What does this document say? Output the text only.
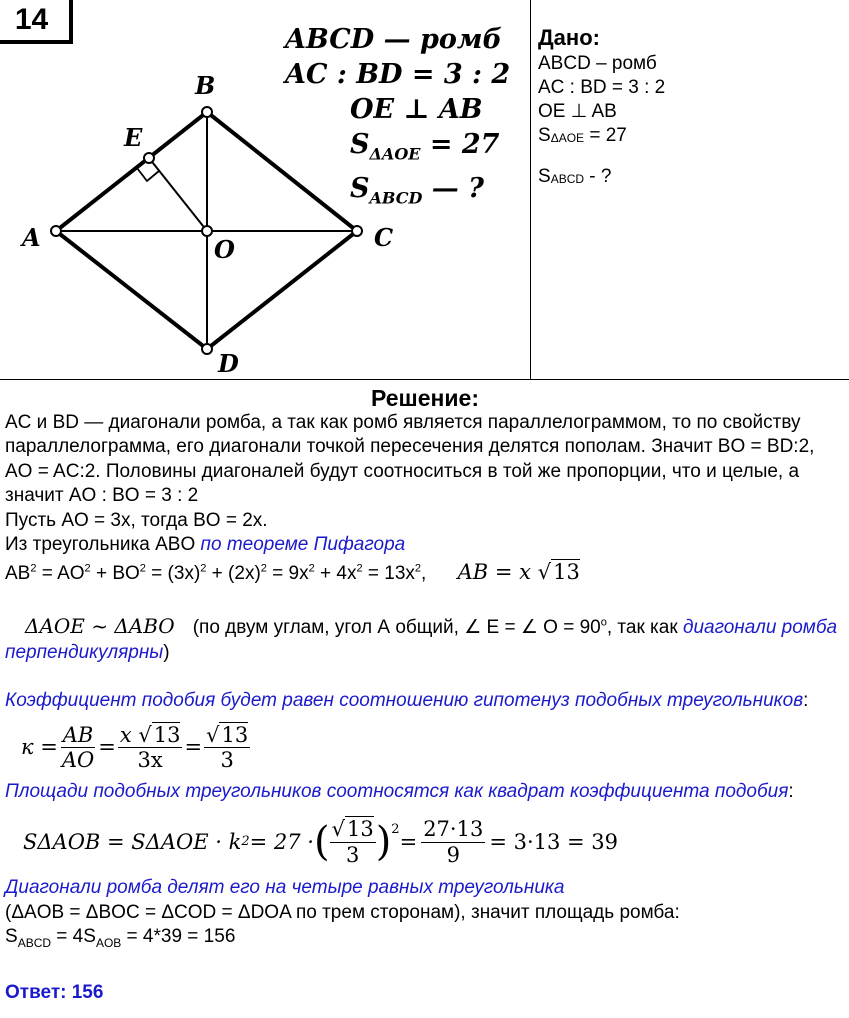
14
A
B
C
D
E
O
ABCD — ромб
AC : BD = 3 : 2
OE ⊥ AB
$S_{\Delta AOE} = 27$
$S_{ABCD}$ — ?
Дано:
ABCD – ромб
AC : BD = 3 : 2
OE ⊥ AB
$S_{\Delta AOE} = 27$
$S_{ABCD}$ - ?
Решение:
AC и BD — диагонали ромба, а так как ромб является параллелограммом, то по свойству параллелограмма, его диагонали точкой пересечения делятся пополам. Значит BO = BD:2, AO = AC:2. Половины диагоналей будут соотноситься в той же пропорции, что и целые, а значит AO : BO = 3 : 2
Пусть AO = 3x, тогда BO = 2x.
Из треугольника ABO по теореме Пифагора
$AB^2 = AO^2 + BO^2 = (3x)^2 + (2x)^2 = 9x^2 + 4x^2 = 13x^2$, AB = x √13
ΔAOE ~ ΔABO (по двум углам, угол А общий, ∠ E = ∠ $O = 90^о$, так как диагонали ромба перпендикулярны)
Коэффициент подобия будет равен соотношению гипотенуз подобных треугольников:
$к = \frac{AB}{AO} = \frac{x √13}{3x} = \frac{√13}{3}$
Площади подобных треугольников соотносятся как квадрат коэффициента подобия:
SΔAOB = SΔAOE · k 2 = 27 · ( $\frac{√13}{3} )^2$
= $\frac{27\cdot 13}{9} = 3\cdot 13 = 39$
Диагонали ромба делят его на четыре равных треугольника
(ΔAOB = ΔBOC = ΔCOD = ΔDOA по трем сторонам), значит площадь ромба:
$S_{ABCD} = 4S_{AOB} = 4*39 = 156$
Ответ: 156
